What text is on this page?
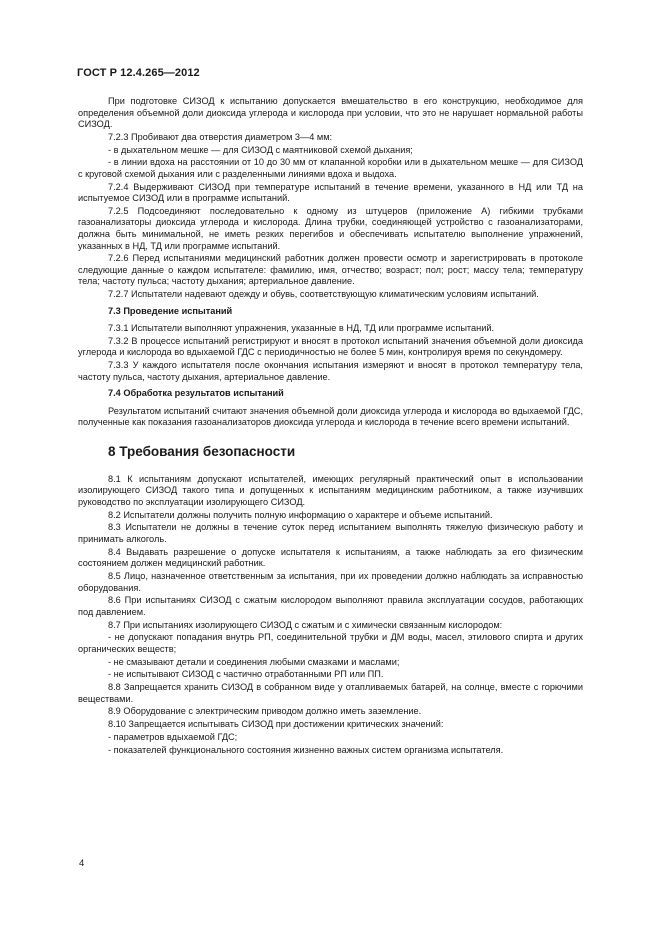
ГОСТ Р 12.4.265—2012

При подготовке СИЗОД к испытанию допускается вмешательство в его конструкцию, необходимое для определения объемной доли диоксида углерода и кислорода при условии, что это не нарушает нормальной работы СИЗОД.

7.2.3 Пробивают два отверстия диаметром 3—4 мм:

- в дыхательном мешке — для СИЗОД с маятниковой схемой дыхания;

- в линии вдоха на расстоянии от 10 до 30 мм от клапанной коробки или в дыхательном мешке — для СИЗОД с круговой схемой дыхания или с разделенными линиями вдоха и выдоха.

7.2.4 Выдерживают СИЗОД при температуре испытаний в течение времени, указанного в НД или ТД на испытуемое СИЗОД или в программе испытаний.

7.2.5 Подсоединяют последовательно к одному из штуцеров (приложение А) гибкими трубками газоанализаторы диоксида углерода и кислорода. Длина трубки, соединяющей устройство с газоанализаторами, должна быть минимальной, не иметь резких перегибов и обеспечивать испытателю выполнение упражнений, указанных в НД, ТД или программе испытаний.

7.2.6 Перед испытаниями медицинский работник должен провести осмотр и зарегистрировать в протоколе следующие данные о каждом испытателе: фамилию, имя, отчество; возраст; пол; рост; массу тела; температуру тела; частоту пульса; частоту дыхания; артериальное давление.

7.2.7 Испытатели надевают одежду и обувь, соответствующую климатическим условиям испытаний.

7.3 Проведение испытаний

7.3.1 Испытатели выполняют упражнения, указанные в НД, ТД или программе испытаний.

7.3.2 В процессе испытаний регистрируют и вносят в протокол испытаний значения объемной доли диоксида углерода и кислорода во вдыхаемой ГДС с периодичностью не более 5 мин, контролируя время по секундомеру.

7.3.3 У каждого испытателя после окончания испытания измеряют и вносят в протокол температуру тела, частоту пульса, частоту дыхания, артериальное давление.

7.4 Обработка результатов испытаний

Результатом испытаний считают значения объемной доли диоксида углерода и кислорода во вдыхаемой ГДС, полученные как показания газоанализаторов диоксида углерода и кислорода в течение всего времени испытаний.

8 Требования безопасности

8.1 К испытаниям допускают испытателей, имеющих регулярный практический опыт в использовании изолирующего СИЗОД такого типа и допущенных к испытаниям медицинским работником, а также изучивших руководство по эксплуатации изолирующего СИЗОД.

8.2 Испытатели должны получить полную информацию о характере и объеме испытаний.

8.3 Испытатели не должны в течение суток перед испытанием выполнять тяжелую физическую работу и принимать алкоголь.

8.4 Выдавать разрешение о допуске испытателя к испытаниям, а также наблюдать за его физическим состоянием должен медицинский работник.

8.5 Лицо, назначенное ответственным за испытания, при их проведении должно наблюдать за исправностью оборудования.

8.6 При испытаниях СИЗОД с сжатым кислородом выполняют правила эксплуатации сосудов, работающих под давлением.

8.7 При испытаниях изолирующего СИЗОД с сжатым и с химически связанным кислородом:

- не допускают попадания внутрь РП, соединительной трубки и ДМ воды, масел, этилового спирта и других органических веществ;

- не смазывают детали и соединения любыми смазками и маслами;

- не испытывают СИЗОД с частично отработанными РП или ПП.

8.8 Запрещается хранить СИЗОД в собранном виде у отапливаемых батарей, на солнце, вместе с горючими веществами.

8.9 Оборудование с электрическим приводом должно иметь заземление.

8.10 Запрещается испытывать СИЗОД при достижении критических значений:

- параметров вдыхаемой ГДС;

- показателей функционального состояния жизненно важных систем организма испытателя.

4
